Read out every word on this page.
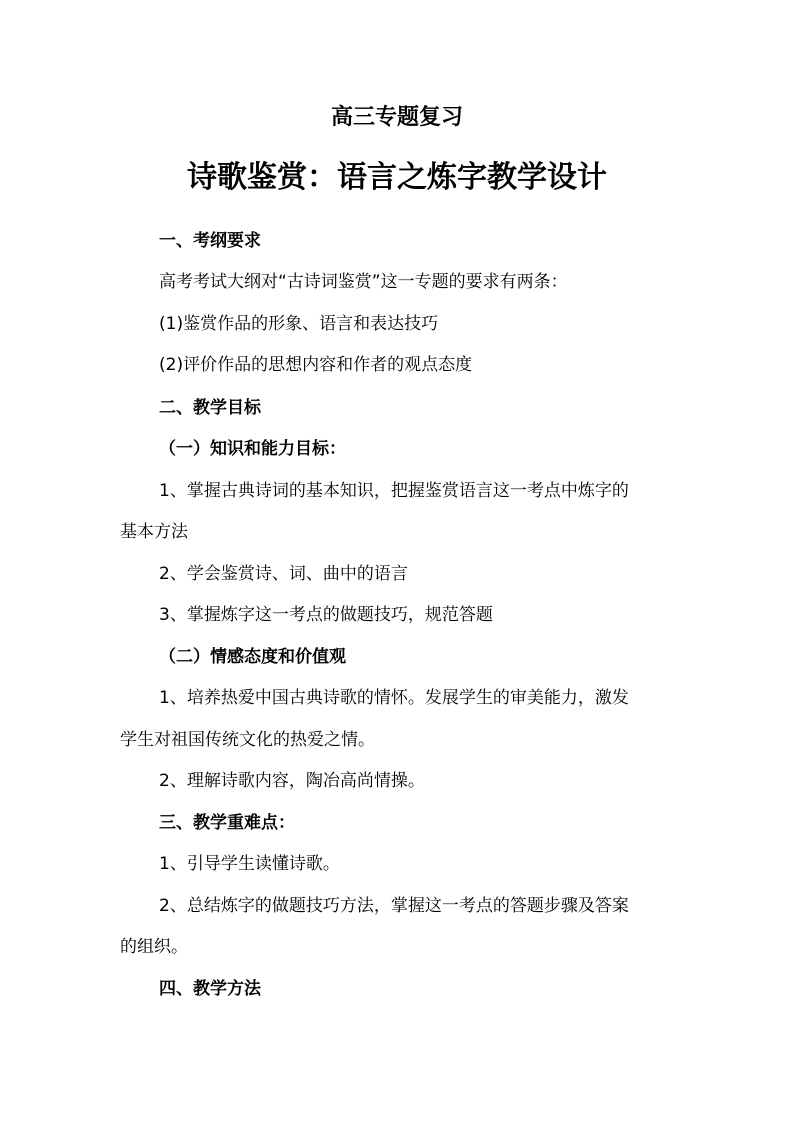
高三专题复习
诗歌鉴赏：语言之炼字教学设计
一、考纲要求
高考考试大纲对“古诗词鉴赏”这一专题的要求有两条：
(1)鉴赏作品的形象、语言和表达技巧
(2)评价作品的思想内容和作者的观点态度
二、教学目标
（一）知识和能力目标：
1、掌握古典诗词的基本知识，把握鉴赏语言这一考点中炼字的
基本方法
2、学会鉴赏诗、词、曲中的语言
3、掌握炼字这一考点的做题技巧，规范答题
（二）情感态度和价值观
1、培养热爱中国古典诗歌的情怀。发展学生的审美能力，激发
学生对祖国传统文化的热爱之情。
2、理解诗歌内容，陶冶高尚情操。
三、教学重难点：
1、引导学生读懂诗歌。
2、总结炼字的做题技巧方法，掌握这一考点的答题步骤及答案
的组织。
四、教学方法
